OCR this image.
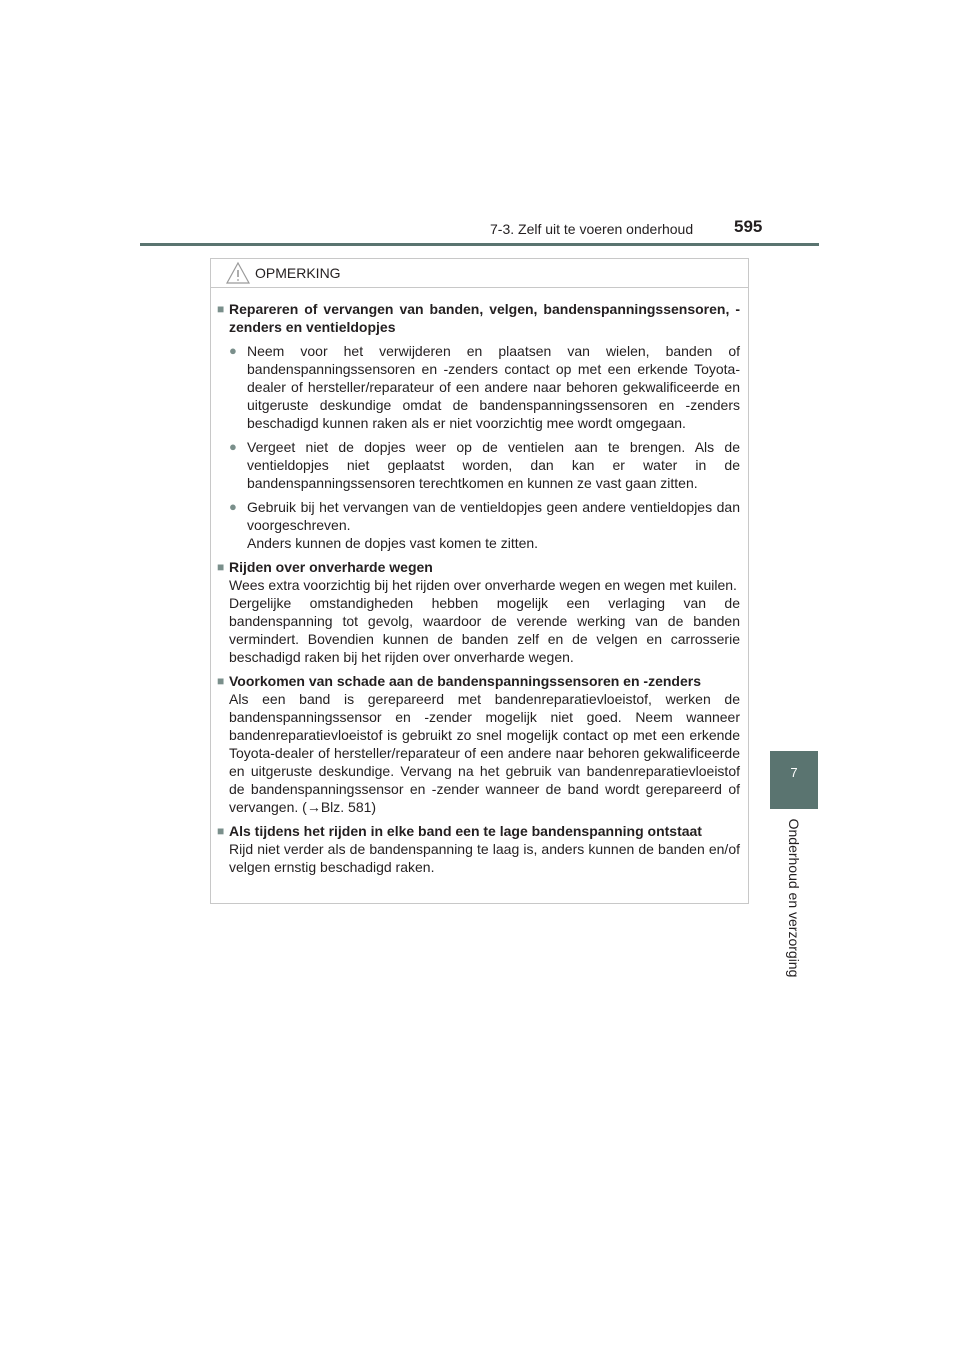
7-3. Zelf uit te voeren onderhoud 595
7
Onderhoud en verzorging
OPMERKING
■ Repareren of vervangen van banden, velgen, bandenspanningssensoren, -zenders en ventieldopjes
● Neem voor het verwijderen en plaatsen van wielen, banden of bandenspanningssensoren en -zenders contact op met een erkende Toyota-dealer of hersteller/reparateur of een andere naar behoren gekwalificeerde en uitgeruste deskundige omdat de bandenspanningssensoren en -zenders beschadigd kunnen raken als er niet voorzichtig mee wordt omgegaan.
● Vergeet niet de dopjes weer op de ventielen aan te brengen. Als de ventieldopjes niet geplaatst worden, dan kan er water in de bandenspanningssensoren terechtkomen en kunnen ze vast gaan zitten.
● Gebruik bij het vervangen van de ventieldopjes geen andere ventieldopjes dan voorgeschreven.
Anders kunnen de dopjes vast komen te zitten.
■ Rijden over onverharde wegen
Wees extra voorzichtig bij het rijden over onverharde wegen en wegen met kuilen.
Dergelijke omstandigheden hebben mogelijk een verlaging van de bandenspanning tot gevolg, waardoor de verende werking van de banden vermindert. Bovendien kunnen de banden zelf en de velgen en carrosserie beschadigd raken bij het rijden over onverharde wegen.
■ Voorkomen van schade aan de bandenspanningssensoren en -zenders
Als een band is gerepareerd met bandenreparatievloeistof, werken de bandenspanningssensor en -zender mogelijk niet goed. Neem wanneer bandenreparatievloeistof is gebruikt zo snel mogelijk contact op met een erkende Toyota-dealer of hersteller/reparateur of een andere naar behoren gekwalificeerde en uitgeruste deskundige. Vervang na het gebruik van bandenreparatievloeistof de bandenspanningssensor en -zender wanneer de band wordt gerepareerd of vervangen. (→Blz. 581)
■ Als tijdens het rijden in elke band een te lage bandenspanning ontstaat
Rijd niet verder als de bandenspanning te laag is, anders kunnen de banden en/of velgen ernstig beschadigd raken.
